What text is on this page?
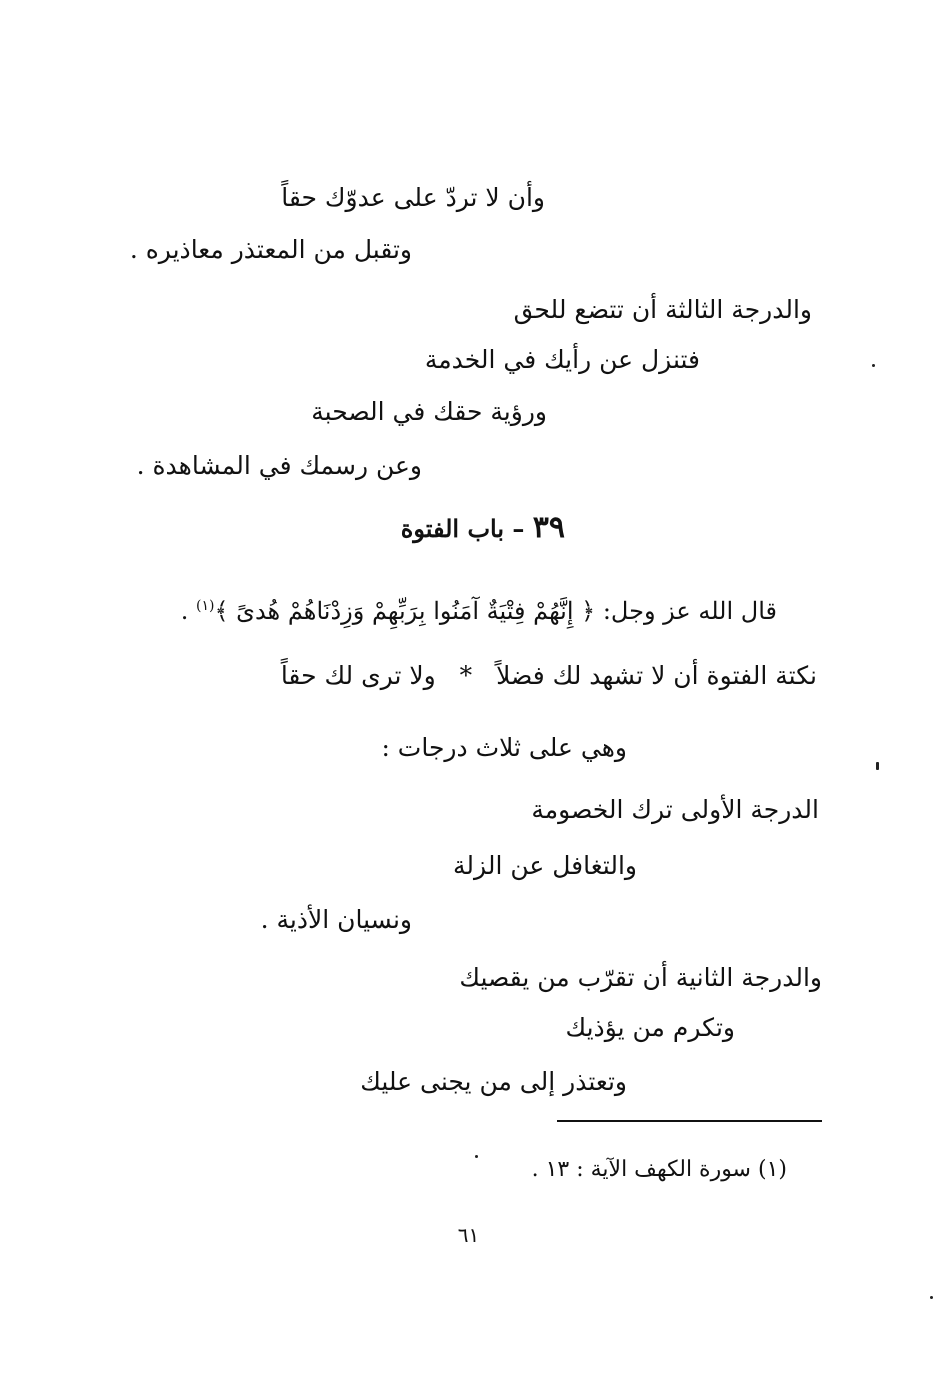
وأن لا تردّ على عدوّك حقاً
وتقبل من المعتذر معاذيره .
والدرجة الثالثة أن تتضع للحق
فتنزل عن رأيك في الخدمة
ورؤية حقك في الصحبة
وعن رسمك في المشاهدة .
٣٩ – باب الفتوة
قال الله عز وجل: ﴿ إِنَّهُمْ فِتْيَةٌ آمَنُوا بِرَبِّهِمْ وَزِدْنَاهُمْ هُدىً ﴾$^{(١)}$ .
نكتة الفتوة أن لا تشهد لك فضلاً * ولا ترى لك حقاً
وهي على ثلاث درجات :
الدرجة الأولى ترك الخصومة
والتغافل عن الزلة
ونسيان الأذية .
والدرجة الثانية أن تقرّب من يقصيك
وتكرم من يؤذيك
وتعتذر إلى من يجنى عليك
(١) سورة الكهف الآية : ١٣ .
٦١
